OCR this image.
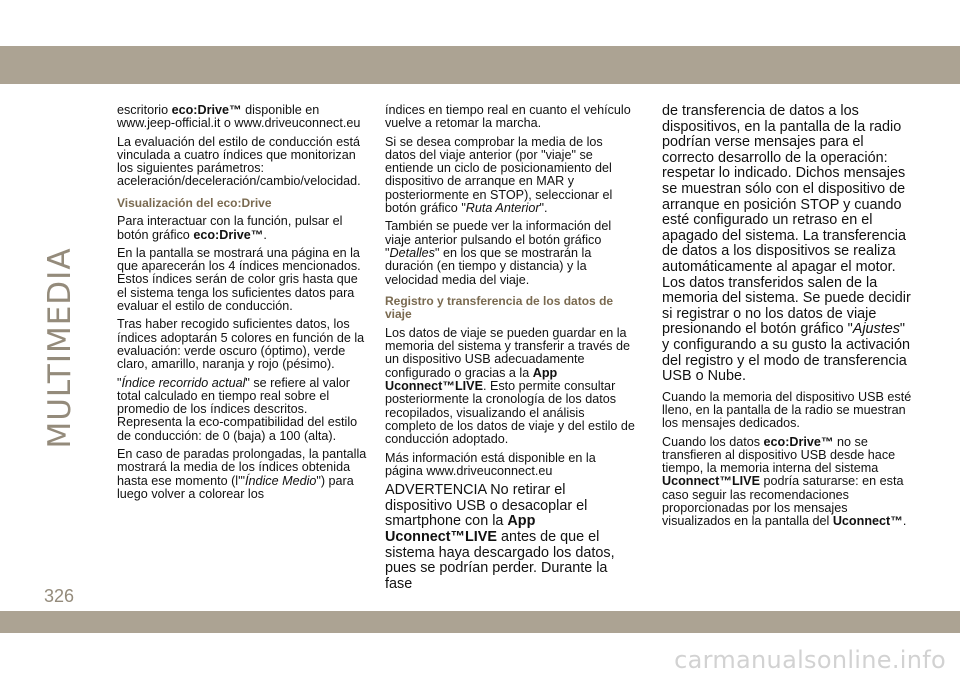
MULTIMEDIA
326

escritorio eco:Drive™ disponible en www.jeep-official.it o www.driveuconnect.eu

La evaluación del estilo de conducción está vinculada a cuatro índices que monitorizan los siguientes parámetros: aceleración/deceleración/cambio/velocidad.

Visualización del eco:Drive

Para interactuar con la función, pulsar el botón gráfico eco:Drive™.

En la pantalla se mostrará una página en la que aparecerán los 4 índices mencionados. Estos índices serán de color gris hasta que el sistema tenga los suficientes datos para evaluar el estilo de conducción.

Tras haber recogido suficientes datos, los índices adoptarán 5 colores en función de la evaluación: verde oscuro (óptimo), verde claro, amarillo, naranja y rojo (pésimo).

"Índice recorrido actual" se refiere al valor total calculado en tiempo real sobre el promedio de los índices descritos. Representa la eco-compatibilidad del estilo de conducción: de 0 (baja) a 100 (alta).

En caso de paradas prolongadas, la pantalla mostrará la media de los índices obtenida hasta ese momento (l'"Índice Medio") para luego volver a colorear los

índices en tiempo real en cuanto el vehículo vuelve a retomar la marcha.

Si se desea comprobar la media de los datos del viaje anterior (por "viaje" se entiende un ciclo de posicionamiento del dispositivo de arranque en MAR y posteriormente en STOP), seleccionar el botón gráfico "Ruta Anterior".

También se puede ver la información del viaje anterior pulsando el botón gráfico "Detalles" en los que se mostrarán la duración (en tiempo y distancia) y la velocidad media del viaje.

Registro y transferencia de los datos de viaje

Los datos de viaje se pueden guardar en la memoria del sistema y transferir a través de un dispositivo USB adecuadamente configurado o gracias a la App Uconnect™LIVE. Esto permite consultar posteriormente la cronología de los datos recopilados, visualizando el análisis completo de los datos de viaje y del estilo de conducción adoptado.

Más información está disponible en la página www.driveuconnect.eu

ADVERTENCIA No retirar el dispositivo USB o desacoplar el smartphone con la App Uconnect™LIVE antes de que el sistema haya descargado los datos, pues se podrían perder. Durante la fase

de transferencia de datos a los dispositivos, en la pantalla de la radio podrían verse mensajes para el correcto desarrollo de la operación: respetar lo indicado. Dichos mensajes se muestran sólo con el dispositivo de arranque en posición STOP y cuando esté configurado un retraso en el apagado del sistema. La transferencia de datos a los dispositivos se realiza automáticamente al apagar el motor. Los datos transferidos salen de la memoria del sistema. Se puede decidir si registrar o no los datos de viaje presionando el botón gráfico "Ajustes" y configurando a su gusto la activación del registro y el modo de transferencia USB o Nube.

Cuando la memoria del dispositivo USB esté lleno, en la pantalla de la radio se muestran los mensajes dedicados.

Cuando los datos eco:Drive™ no se transfieren al dispositivo USB desde hace tiempo, la memoria interna del sistema Uconnect™LIVE podría saturarse: en esta caso seguir las recomendaciones proporcionadas por los mensajes visualizados en la pantalla del Uconnect™.

carmanualsonline.info
